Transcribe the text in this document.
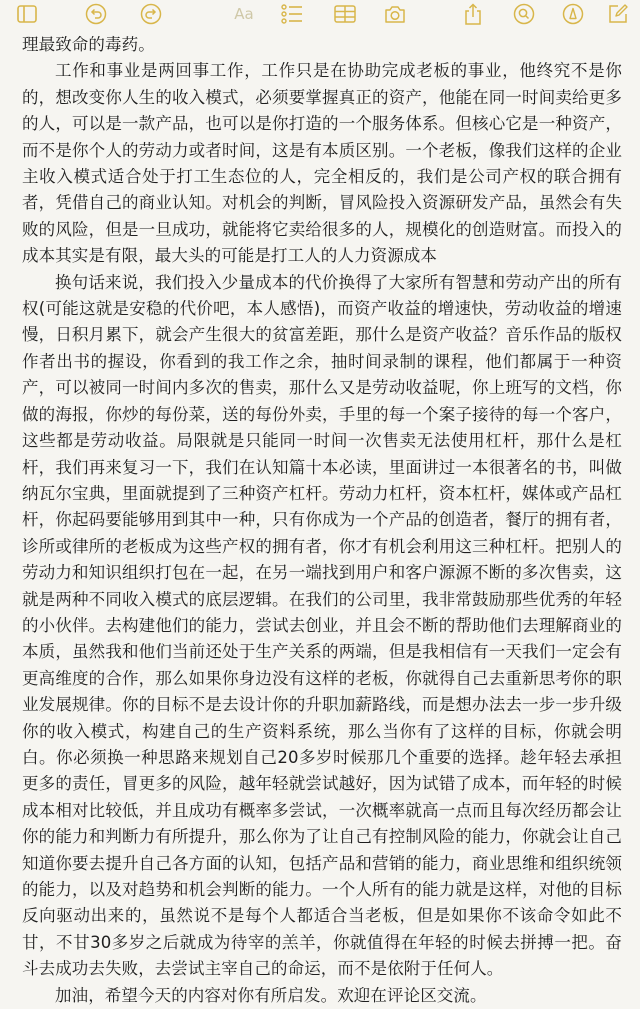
Aa

理最致命的毒药。

工作和事业是两回事工作，工作只是在协助完成老板的事业，他终究不是你的，想改变你人生的收入模式，必须要掌握真正的资产，他能在同一时间卖给更多的人，可以是一款产品，也可以是你打造的一个服务体系。但核心它是一种资产，而不是你个人的劳动力或者时间，这是有本质区别。一个老板，像我们这样的企业主收入模式适合处于打工生态位的人，完全相反的，我们是公司产权的联合拥有者，凭借自己的商业认知。对机会的判断，冒风险投入资源研发产品，虽然会有失败的风险，但是一旦成功，就能将它卖给很多的人，规模化的创造财富。而投入的成本其实是有限，最大头的可能是打工人的人力资源成本

换句话来说，我们投入少量成本的代价换得了大家所有智慧和劳动产出的所有权(可能这就是安稳的代价吧，本人感悟)，而资产收益的增速快，劳动收益的增速慢，日积月累下，就会产生很大的贫富差距，那什么是资产收益？音乐作品的版权作者出书的握设，你看到的我工作之余，抽时间录制的课程，他们都属于一种资产，可以被同一时间内多次的售卖，那什么又是劳动收益呢，你上班写的文档，你做的海报，你炒的每份菜，送的每份外卖，手里的每一个案子接待的每一个客户，这些都是劳动收益。局限就是只能同一时间一次售卖无法使用杠杆，那什么是杠杆，我们再来复习一下，我们在认知篇十本必读，里面讲过一本很著名的书，叫做纳瓦尔宝典，里面就提到了三种资产杠杆。劳动力杠杆，资本杠杆，媒体或产品杠杆，你起码要能够用到其中一种，只有你成为一个产品的创造者，餐厅的拥有者，诊所或律所的老板成为这些产权的拥有者，你才有机会利用这三种杠杆。把别人的劳动力和知识组织打包在一起，在另一端找到用户和客户源源不断的多次售卖，这就是两种不同收入模式的底层逻辑。在我们的公司里，我非常鼓励那些优秀的年轻的小伙伴。去构建他们的能力，尝试去创业，并且会不断的帮助他们去理解商业的本质，虽然我和他们当前还处于生产关系的两端，但是我相信有一天我们一定会有更高维度的合作，那么如果你身边没有这样的老板，你就得自己去重新思考你的职业发展规律。你的目标不是去设计你的升职加薪路线，而是想办法去一步一步升级你的收入模式，构建自己的生产资料系统，那么当你有了这样的目标，你就会明白。你必须换一种思路来规划自己20多岁时候那几个重要的选择。趁年轻去承担更多的责任，冒更多的风险，越年轻就尝试越好，因为试错了成本，而年轻的时候成本相对比较低，并且成功有概率多尝试，一次概率就高一点而且每次经历都会让你的能力和判断力有所提升，那么你为了让自己有控制风险的能力，你就会让自己知道你要去提升自己各方面的认知，包括产品和营销的能力，商业思维和组织统领的能力，以及对趋势和机会判断的能力。一个人所有的能力就是这样，对他的目标反向驱动出来的，虽然说不是每个人都适合当老板，但是如果你不该命令如此不甘，不甘30多岁之后就成为待宰的羔羊，你就值得在年轻的时候去拼搏一把。奋斗去成功去失败，去尝试主宰自己的命运，而不是依附于任何人。

加油，希望今天的内容对你有所启发。欢迎在评论区交流。
